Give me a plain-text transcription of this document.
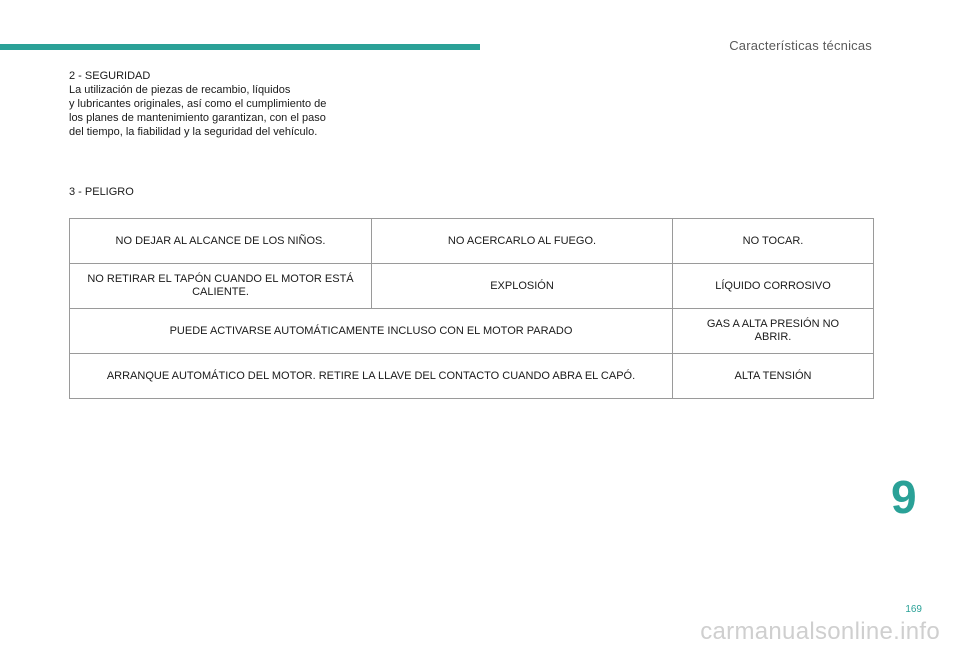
Características técnicas

2 - SEGURIDAD

La utilización de piezas de recambio, líquidos

y lubricantes originales, así como el cumplimiento de

los planes de mantenimiento garantizan, con el paso

del tiempo, la fiabilidad y la seguridad del vehículo.

3 - PELIGRO
NO DEJAR AL ALCANCE DE LOS NIÑOS.	NO ACERCARLO AL FUEGO.	NO TOCAR.
NO RETIRAR EL TAPÓN CUANDO EL MOTOR ESTÁ CALIENTE.	EXPLOSIÓN	LÍQUIDO CORROSIVO
PUEDE ACTIVARSE AUTOMÁTICAMENTE INCLUSO CON EL MOTOR PARADO		GAS A ALTA PRESIÓN NO ABRIR.
ARRANQUE AUTOMÁTICO DEL MOTOR. RETIRE LA LLAVE DEL CONTACTO CUANDO ABRA EL CAPÓ.		ALTA TENSIÓN
9
169
carmanualsonline.info
